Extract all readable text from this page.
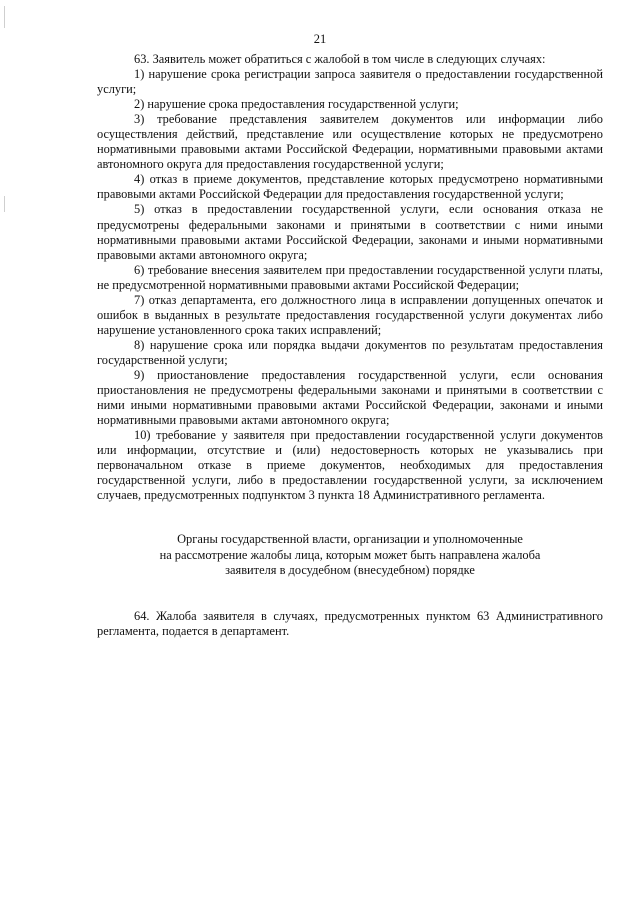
21

63. Заявитель может обратиться с жалобой в том числе в следующих случаях:

1) нарушение срока регистрации запроса заявителя о предоставлении государственной услуги;

2) нарушение срока предоставления государственной услуги;

3) требование представления заявителем документов или информации либо осуществления действий, представление или осуществление которых не предусмотрено нормативными правовыми актами Российской Федерации, нормативными правовыми актами автономного округа для предоставления государственной услуги;

4) отказ в приеме документов, представление которых предусмотрено нормативными правовыми актами Российской Федерации для предоставления государственной услуги;

5) отказ в предоставлении государственной услуги, если основания отказа не предусмотрены федеральными законами и принятыми в соответствии с ними иными нормативными правовыми актами Российской Федерации, законами и иными нормативными правовыми актами автономного округа;

6) требование внесения заявителем при предоставлении государственной услуги платы, не предусмотренной нормативными правовыми актами Российской Федерации;

7) отказ департамента, его должностного лица в исправлении допущенных опечаток и ошибок в выданных в результате предоставления государственной услуги документах либо нарушение установленного срока таких исправлений;

8) нарушение срока или порядка выдачи документов по результатам предоставления государственной услуги;

9) приостановление предоставления государственной услуги, если основания приостановления не предусмотрены федеральными законами и принятыми в соответствии с ними иными нормативными правовыми актами Российской Федерации, законами и иными нормативными правовыми актами автономного округа;

10) требование у заявителя при предоставлении государственной услуги документов или информации, отсутствие и (или) недостоверность которых не указывались при первоначальном отказе в приеме документов, необходимых для предоставления государственной услуги, либо в предоставлении государственной услуги, за исключением случаев, предусмотренных подпунктом 3 пункта 18 Административного регламента.

Органы государственной власти, организации и уполномоченные
на рассмотрение жалобы лица, которым может быть направлена жалоба
заявителя в досудебном (внесудебном) порядке

64. Жалоба заявителя в случаях, предусмотренных пунктом 63 Административного регламента, подается в департамент.
